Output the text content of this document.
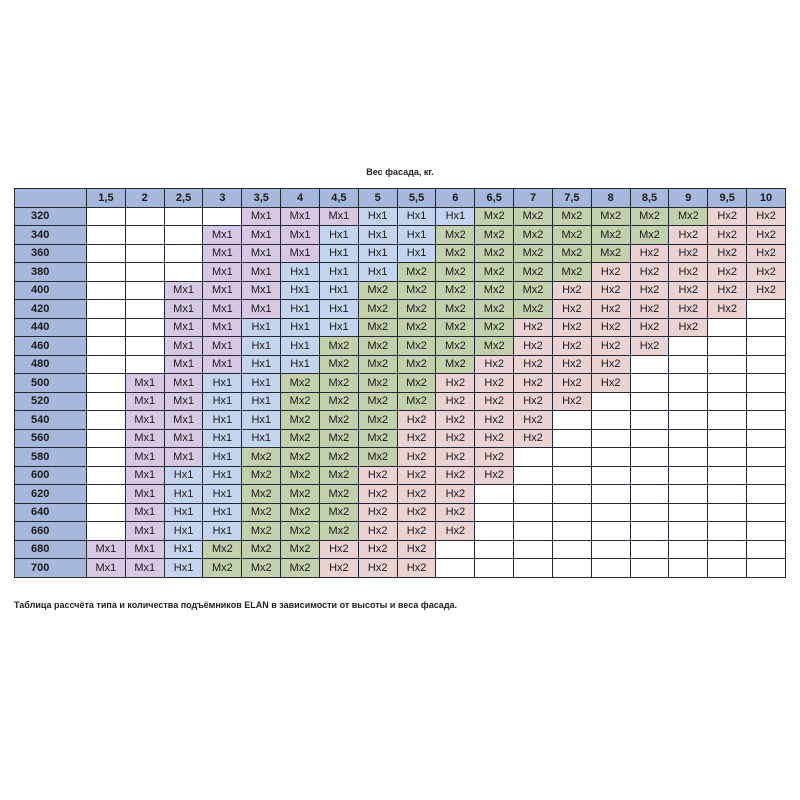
Вес фасада, кг.
	1,5	2	2,5	3	3,5	4	4,5	5	5,5	6	6,5	7	7,5	8	8,5	9	9,5	10
320					Mx1	Mx1	Mx1	Hx1	Hx1	Hx1	Mx2	Mx2	Mx2	Mx2	Mx2	Mx2	Hx2	Hx2
340				Mx1	Mx1	Mx1	Hx1	Hx1	Hx1	Mx2	Mx2	Mx2	Mx2	Mx2	Mx2	Hx2	Hx2	Hx2
360				Mx1	Mx1	Mx1	Hx1	Hx1	Hx1	Mx2	Mx2	Mx2	Mx2	Mx2	Hx2	Hx2	Hx2	Hx2
380				Mx1	Mx1	Hx1	Hx1	Hx1	Mx2	Mx2	Mx2	Mx2	Mx2	Hx2	Hx2	Hx2	Hx2	Hx2
400			Mx1	Mx1	Mx1	Hx1	Hx1	Mx2	Mx2	Mx2	Mx2	Mx2	Hx2	Hx2	Hx2	Hx2	Hx2	Hx2
420			Mx1	Mx1	Mx1	Hx1	Hx1	Mx2	Mx2	Mx2	Mx2	Mx2	Hx2	Hx2	Hx2	Hx2	Hx2	
440			Mx1	Mx1	Hx1	Hx1	Hx1	Mx2	Mx2	Mx2	Mx2	Hx2	Hx2	Hx2	Hx2	Hx2		
460			Mx1	Mx1	Hx1	Hx1	Mx2	Mx2	Mx2	Mx2	Mx2	Hx2	Hx2	Hx2	Hx2			
480			Mx1	Mx1	Hx1	Hx1	Mx2	Mx2	Mx2	Mx2	Hx2	Hx2	Hx2	Hx2				
500		Mx1	Mx1	Hx1	Hx1	Mx2	Mx2	Mx2	Mx2	Hx2	Hx2	Hx2	Hx2	Hx2				
520		Mx1	Mx1	Hx1	Hx1	Mx2	Mx2	Mx2	Mx2	Hx2	Hx2	Hx2	Hx2					
540		Mx1	Mx1	Hx1	Hx1	Mx2	Mx2	Mx2	Hx2	Hx2	Hx2	Hx2						
560		Mx1	Mx1	Hx1	Hx1	Mx2	Mx2	Mx2	Hx2	Hx2	Hx2	Hx2						
580		Mx1	Mx1	Hx1	Mx2	Mx2	Mx2	Mx2	Hx2	Hx2	Hx2							
600		Mx1	Hx1	Hx1	Mx2	Mx2	Mx2	Hx2	Hx2	Hx2	Hx2							
620		Mx1	Hx1	Hx1	Mx2	Mx2	Mx2	Hx2	Hx2	Hx2								
640		Mx1	Hx1	Hx1	Mx2	Mx2	Mx2	Hx2	Hx2	Hx2								
660		Mx1	Hx1	Hx1	Mx2	Mx2	Mx2	Hx2	Hx2	Hx2								
680	Mx1	Mx1	Hx1	Mx2	Mx2	Mx2	Hx2	Hx2	Hx2									
700	Mx1	Mx1	Hx1	Mx2	Mx2	Mx2	Hx2	Hx2	Hx2									
Таблица рассчёта типа и количества подъёмников ELAN в зависимости от высоты и веса фасада.
